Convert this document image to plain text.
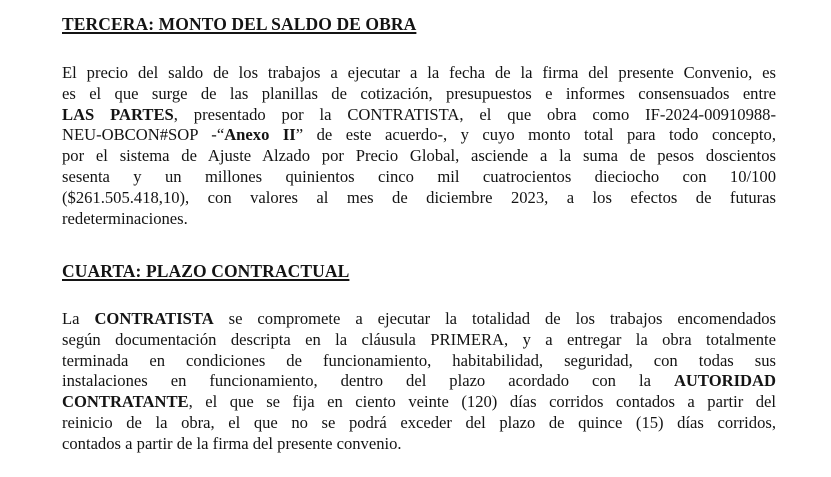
TERCERA: MONTO DEL SALDO DE OBRA
El precio del saldo de los trabajos a ejecutar a la fecha de la firma del presente Convenio, es
es el que surge de las planillas de cotización, presupuestos e informes consensuados entre
LAS PARTES, presentado por la CONTRATISTA, el que obra como IF-2024-00910988-
NEU-OBCON#SOP -“Anexo II” de este acuerdo-, y cuyo monto total para todo concepto,
por el sistema de Ajuste Alzado por Precio Global, asciende a la suma de pesos doscientos
sesenta y un millones quinientos cinco mil cuatrocientos dieciocho con 10/100
($261.505.418,10), con valores al mes de diciembre 2023, a los efectos de futuras
redeterminaciones.
CUARTA: PLAZO CONTRACTUAL
La CONTRATISTA se compromete a ejecutar la totalidad de los trabajos encomendados
según documentación descripta en la cláusula PRIMERA, y a entregar la obra totalmente
terminada en condiciones de funcionamiento, habitabilidad, seguridad, con todas sus
instalaciones en funcionamiento, dentro del plazo acordado con la AUTORIDAD
CONTRATANTE, el que se fija en ciento veinte (120) días corridos contados a partir del
reinicio de la obra, el que no se podrá exceder del plazo de quince (15) días corridos,
contados a partir de la firma del presente convenio.
